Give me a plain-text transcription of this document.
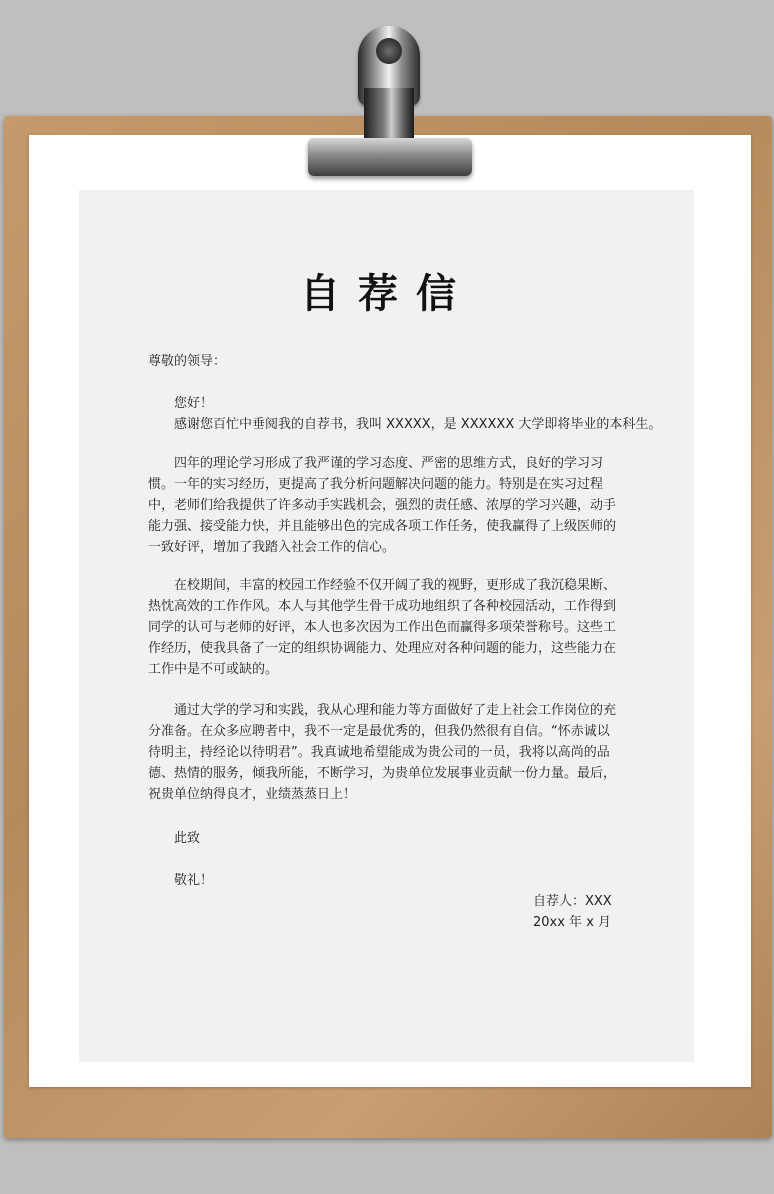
自荐信
尊敬的领导：
您好！
感谢您百忙中垂阅我的自荐书，我叫 XXXXX，是 XXXXXX 大学即将毕业的本科生。

四年的理论学习形成了我严谨的学习态度、严密的思维方式，良好的学习习惯。一年的实习经历，更提高了我分析问题解决问题的能力。特别是在实习过程中，老师们给我提供了许多动手实践机会，强烈的责任感、浓厚的学习兴趣，动手能力强、接受能力快，并且能够出色的完成各项工作任务，使我赢得了上级医师的一致好评，增加了我踏入社会工作的信心。

在校期间，丰富的校园工作经验不仅开阔了我的视野，更形成了我沉稳果断、热忱高效的工作作风。本人与其他学生骨干成功地组织了各种校园活动，工作得到同学的认可与老师的好评，本人也多次因为工作出色而赢得多项荣誉称号。这些工作经历，使我具备了一定的组织协调能力、处理应对各种问题的能力，这些能力在工作中是不可或缺的。

通过大学的学习和实践，我从心理和能力等方面做好了走上社会工作岗位的充分准备。在众多应聘者中，我不一定是最优秀的，但我仍然很有自信。“怀赤诚以待明主，持经论以待明君”。我真诚地希望能成为贵公司的一员，我将以高尚的品德、热情的服务，倾我所能，不断学习，为贵单位发展事业贡献一份力量。最后，祝贵单位纳得良才，业绩蒸蒸日上！

此致
敬礼！
自荐人：XXX
20xx 年 x 月
